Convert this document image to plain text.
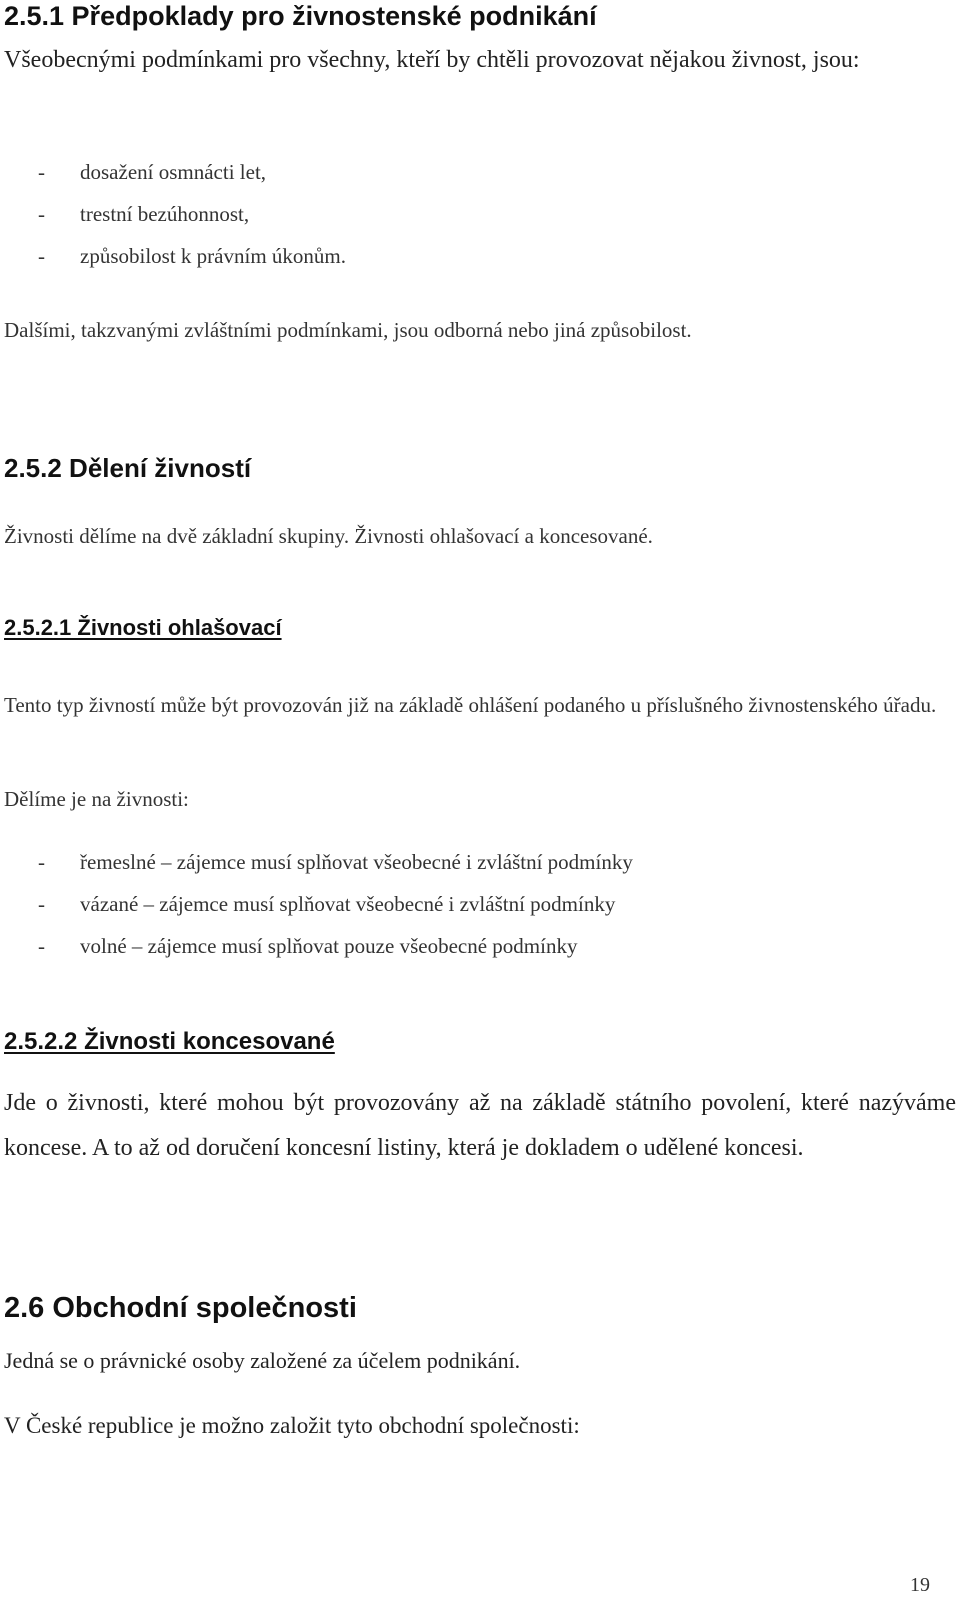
2.5.1 Předpoklady pro živnostenské podnikání

Všeobecnými podmínkami pro všechny, kteří by chtěli provozovat nějakou živnost, jsou:

-	dosažení osmnácti let,
-	trestní bezúhonnost,
-	způsobilost k právním úkonům.

Dalšími, takzvanými zvláštními podmínkami, jsou odborná nebo jiná způsobilost.

2.5.2 Dělení živností

Živnosti dělíme na dvě základní skupiny. Živnosti ohlašovací a koncesované.

2.5.2.1 Živnosti ohlašovací

Tento typ živností může být provozován již na základě ohlášení podaného u příslušného živnostenského úřadu.

Dělíme je na živnosti:

-	řemeslné – zájemce musí splňovat všeobecné i zvláštní podmínky
-	vázané – zájemce musí splňovat všeobecné i zvláštní podmínky
-	volné – zájemce musí splňovat pouze všeobecné podmínky
2.5.2.2 Živnosti koncesované

Jde o živnosti, které mohou být provozovány až na základě státního povolení, které nazýváme koncese. A to až od doručení koncesní listiny, která je dokladem o udělené koncesi.

2.6 Obchodní společnosti

Jedná se o právnické osoby založené za účelem podnikání.

V České republice je možno založit tyto obchodní společnosti:

19
